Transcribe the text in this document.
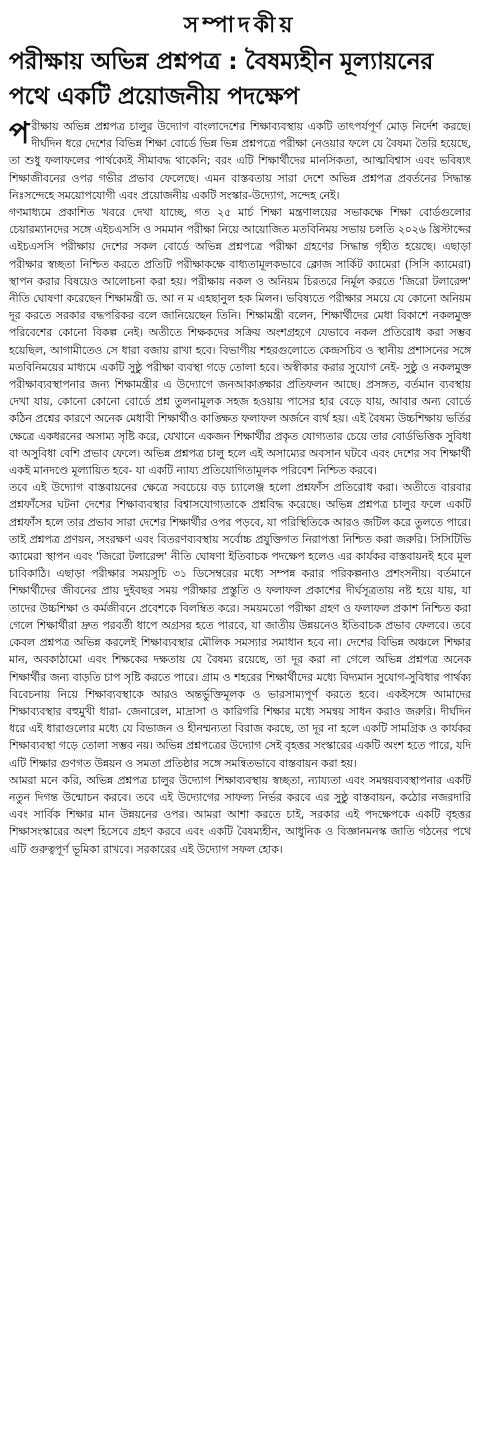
সম্পাদকীয়
পরীক্ষায় অভিন্ন প্রশ্নপত্র : বৈষম্যহীন মূল্যায়নের পথে একটি প্রয়োজনীয় পদক্ষেপ

পরীক্ষায় অভিন্ন প্রশ্নপত্র চালুর উদ্যোগ বাংলাদেশের শিক্ষাব্যবস্থায় একটি তাৎপর্যপূর্ণ মোড় নির্দেশ করছে। দীর্ঘদিন ধরে দেশের বিভিন্ন শিক্ষা বোর্ডে ভিন্ন ভিন্ন প্রশ্নপত্রে পরীক্ষা নেওয়ার ফলে যে বৈষম্য তৈরি হয়েছে, তা শুধু ফলাফলের পার্থক্যেই সীমাবদ্ধ থাকেনি; বরং এটি শিক্ষার্থীদের মানসিকতা, আত্মবিশ্বাস এবং ভবিষ্যৎ শিক্ষাজীবনের ওপর গভীর প্রভাব ফেলেছে। এমন বাস্তবতায় সারা দেশে অভিন্ন প্রশ্নপত্র প্রবর্তনের সিদ্ধান্ত নিঃসন্দেহে সময়োপযোগী এবং প্রয়োজনীয় একটি সংস্কার-উদ্যোগ, সন্দেহ নেই।

গণমাধ্যমে প্রকাশিত খবরে দেখা যাচ্ছে, গত ২৫ মার্চ শিক্ষা মন্ত্রণালয়ের সভাকক্ষে শিক্ষা বোর্ডগুলোর চেয়ারম্যানদের সঙ্গে এইচএসসি ও সমমান পরীক্ষা নিয়ে আয়োজিত মতবিনিময় সভায় চলতি ২০২৬ খ্রিস্টাব্দের এইচএসসি পরীক্ষায় দেশের সকল বোর্ডে অভিন্ন প্রশ্নপত্রে পরীক্ষা গ্রহণের সিদ্ধান্ত গৃহীত হয়েছে। এছাড়া পরীক্ষার স্বচ্ছতা নিশ্চিত করতে প্রতিটি পরীক্ষাকক্ষে বাধ্যতামূলকভাবে ক্লোজ সার্কিট ক্যামেরা (সিসি ক্যামেরা) স্থাপন করার বিষয়েও আলোচনা করা হয়। পরীক্ষায় নকল ও অনিয়ম চিরতরে নির্মূল করতে 'জিরো টলারেন্স' নীতি ঘোষণা করেছেন শিক্ষামন্ত্রী ড. আ ন ম এহছানুল হক মিলন। ভবিষ্যতে পরীক্ষার সময়ে যে কোনো অনিয়ম দূর করতে সরকার বদ্ধপরিকর বলে জানিয়েছেন তিনি। শিক্ষামন্ত্রী বলেন, শিক্ষার্থীদের মেধা বিকাশে নকলমুক্ত পরিবেশের কোনো বিকল্প নেই। অতীতে শিক্ষকদের সক্রিয় অংশগ্রহণে যেভাবে নকল প্রতিরোধ করা সম্ভব হয়েছিল, আগামীতেও সে ধারা বজায় রাখা হবে। বিভাগীয় শহরগুলোতে কেন্দ্রসচিব ও স্থানীয় প্রশাসনের সঙ্গে মতবিনিময়ের মাধ্যমে একটি সুষ্ঠু পরীক্ষা ব্যবস্থা গড়ে তোলা হবে। অস্বীকার করার সুযোগ নেই- সুষ্ঠু ও নকলমুক্ত পরীক্ষাব্যবস্থাপনার জন্য শিক্ষামন্ত্রীর এ উদ্যোগে জনআকাঙ্ক্ষার প্রতিফলন আছে। প্রসঙ্গত, বর্তমান ব্যবস্থায় দেখা যায়, কোনো কোনো বোর্ডে প্রশ্ন তুলনামূলক সহজ হওয়ায় পাসের হার বেড়ে যায়, আবার অন্য বোর্ডে কঠিন প্রশ্নের কারণে অনেক মেধাবী শিক্ষার্থীও কাঙ্ক্ষিত ফলাফল অর্জনে ব্যর্থ হয়। এই বৈষম্য উচ্চশিক্ষায় ভর্তির ক্ষেত্রে একধরনের অসাম্য সৃষ্টি করে, যেখানে একজন শিক্ষার্থীর প্রকৃত যোগ্যতার চেয়ে তার বোর্ডভিত্তিক সুবিধা বা অসুবিধা বেশি প্রভাব ফেলে। অভিন্ন প্রশ্নপত্র চালু হলে এই অসাম্যের অবসান ঘটবে এবং দেশের সব শিক্ষার্থী একই মানদণ্ডে মূল্যায়িত হবে- যা একটি ন্যায্য প্রতিযোগিতামূলক পরিবেশ নিশ্চিত করবে।

তবে এই উদ্যোগ বাস্তবায়নের ক্ষেত্রে সবচেয়ে বড় চ্যালেঞ্জ হলো প্রশ্নফাঁস প্রতিরোধ করা। অতীতে বারবার প্রশ্নফাঁসের ঘটনা দেশের শিক্ষাব্যবস্থার বিশ্বাসযোগ্যতাকে প্রশ্নবিদ্ধ করেছে। অভিন্ন প্রশ্নপত্র চালুর ফলে একটি প্রশ্নফাঁস হলে তার প্রভাব সারা দেশের শিক্ষার্থীর ওপর পড়বে, যা পরিস্থিতিকে আরও জটিল করে তুলতে পারে। তাই প্রশ্নপত্র প্রণয়ন, সংরক্ষণ এবং বিতরণব্যবস্থায় সর্বোচ্চ প্রযুক্তিগত নিরাপত্তা নিশ্চিত করা জরুরি। সিসিটিভি ক্যামেরা স্থাপন এবং 'জিরো টলারেন্স' নীতি ঘোষণা ইতিবাচক পদক্ষেপ হলেও এর কার্যকর বাস্তবায়নই হবে মূল চাবিকাঠি। এছাড়া পরীক্ষার সময়সূচি ৩১ ডিসেম্বরের মধ্যে সম্পন্ন করার পরিকল্পনাও প্রশংসনীয়। বর্তমানে শিক্ষার্থীদের জীবনের প্রায় দুইবছর সময় পরীক্ষার প্রস্তুতি ও ফলাফল প্রকাশের দীর্ঘসূত্রতায় নষ্ট হয়ে যায়, যা তাদের উচ্চশিক্ষা ও কর্মজীবনে প্রবেশকে বিলম্বিত করে। সময়মতো পরীক্ষা গ্রহণ ও ফলাফল প্রকাশ নিশ্চিত করা গেলে শিক্ষার্থীরা দ্রুত পরবর্তী ধাপে অগ্রসর হতে পারবে, যা জাতীয় উন্নয়নেও ইতিবাচক প্রভাব ফেলবে। তবে কেবল প্রশ্নপত্র অভিন্ন করলেই শিক্ষাব্যবস্থার মৌলিক সমস্যার সমাধান হবে না। দেশের বিভিন্ন অঞ্চলে শিক্ষার মান, অবকাঠামো এবং শিক্ষকের দক্ষতায় যে বৈষম্য রয়েছে, তা দূর করা না গেলে অভিন্ন প্রশ্নপত্র অনেক শিক্ষার্থীর জন্য বাড়তি চাপ সৃষ্টি করতে পারে। গ্রাম ও শহরের শিক্ষার্থীদের মধ্যে বিদ্যমান সুযোগ-সুবিধার পার্থক্য বিবেচনায় নিয়ে শিক্ষাব্যবস্থাকে আরও অন্তর্ভুক্তিমূলক ও ভারসাম্যপূর্ণ করতে হবে। একইসঙ্গে আমাদের শিক্ষাব্যবস্থার বহুমুখী ধারা- জেনারেল, মাদ্রাসা ও কারিগরি শিক্ষার মধ্যে সমন্বয় সাধন করাও জরুরি। দীর্ঘদিন ধরে এই ধারাগুলোর মধ্যে যে বিভাজন ও হীনম্মন্যতা বিরাজ করছে, তা দূর না হলে একটি সামগ্রিক ও কার্যকর শিক্ষাব্যবস্থা গড়ে তোলা সম্ভব নয়। অভিন্ন প্রশ্নপত্রের উদ্যোগ সেই বৃহত্তর সংস্কারের একটি অংশ হতে পারে, যদি এটি শিক্ষার গুণগত উন্নয়ন ও সমতা প্রতিষ্ঠার সঙ্গে সমন্বিতভাবে বাস্তবায়ন করা হয়।

আমরা মনে করি, অভিন্ন প্রশ্নপত্র চালুর উদ্যোগ শিক্ষাব্যবস্থায় স্বচ্ছতা, ন্যায্যতা এবং সমন্বয়ব্যবস্থাপনার একটি নতুন দিগন্ত উন্মোচন করবে। তবে এই উদ্যোগের সাফল্য নির্ভর করবে এর সুষ্ঠু বাস্তবায়ন, কঠোর নজরদারি এবং সার্বিক শিক্ষার মান উন্নয়নের ওপর। আমরা আশা করতে চাই, সরকার এই পদক্ষেপকে একটি বৃহত্তর শিক্ষাসংস্কারের অংশ হিসেবে গ্রহণ করবে এবং একটি বৈষম্যহীন, আধুনিক ও বিজ্ঞানমনস্ক জাতি গঠনের পথে এটি গুরুত্বপূর্ণ ভূমিকা রাখবে। সরকারের এই উদ্যোগ সফল হোক।
